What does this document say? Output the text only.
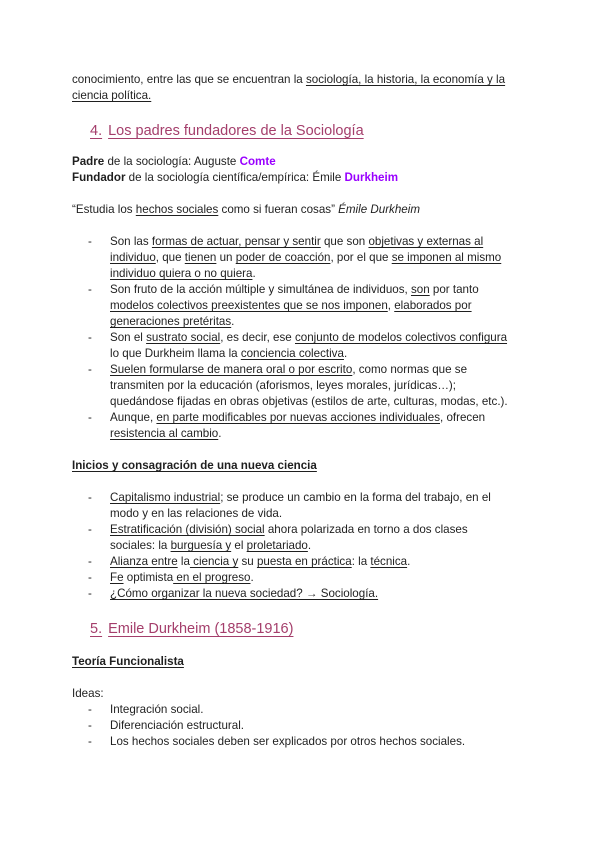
conocimiento, entre las que se encuentran la sociología, la historia, la economía y la
ciencia política.

4. Los padres fundadores de la Sociología

Padre de la sociología: Auguste Comte

Fundador de la sociología científica/empírica: Émile Durkheim

“Estudia los hechos sociales como si fueran cosas” Émile Durkheim

- Son las formas de actuar, pensar y sentir que son objetivas y externas al
individuo, que tienen un poder de coacción, por el que se imponen al mismo
individuo quiera o no quiera.
- Son fruto de la acción múltiple y simultánea de individuos, son por tanto
modelos colectivos preexistentes que se nos imponen, elaborados por
generaciones pretéritas.
- Son el sustrato social, es decir, ese conjunto de modelos colectivos configura
lo que Durkheim llama la conciencia colectiva.
- Suelen formularse de manera oral o por escrito, como normas que se
transmiten por la educación (aforismos, leyes morales, jurídicas…);
quedándose fijadas en obras objetivas (estilos de arte, culturas, modas, etc.).
- Aunque, en parte modificables por nuevas acciones individuales, ofrecen
resistencia al cambio.

Inicios y consagración de una nueva ciencia

- Capitalismo industrial; se produce un cambio en la forma del trabajo, en el
modo y en las relaciones de vida.
- Estratificación (división) social ahora polarizada en torno a dos clases
sociales: la burguesía y el proletariado.
- Alianza entre la ciencia y su puesta en práctica: la técnica.
- Fe optimista en el progreso.
- ¿Cómo organizar la nueva sociedad? → Sociología.
5. Emile Durkheim (1858-1916)

Teoría Funcionalista

Ideas:

- Integración social.
- Diferenciación estructural.
- Los hechos sociales deben ser explicados por otros hechos sociales.
